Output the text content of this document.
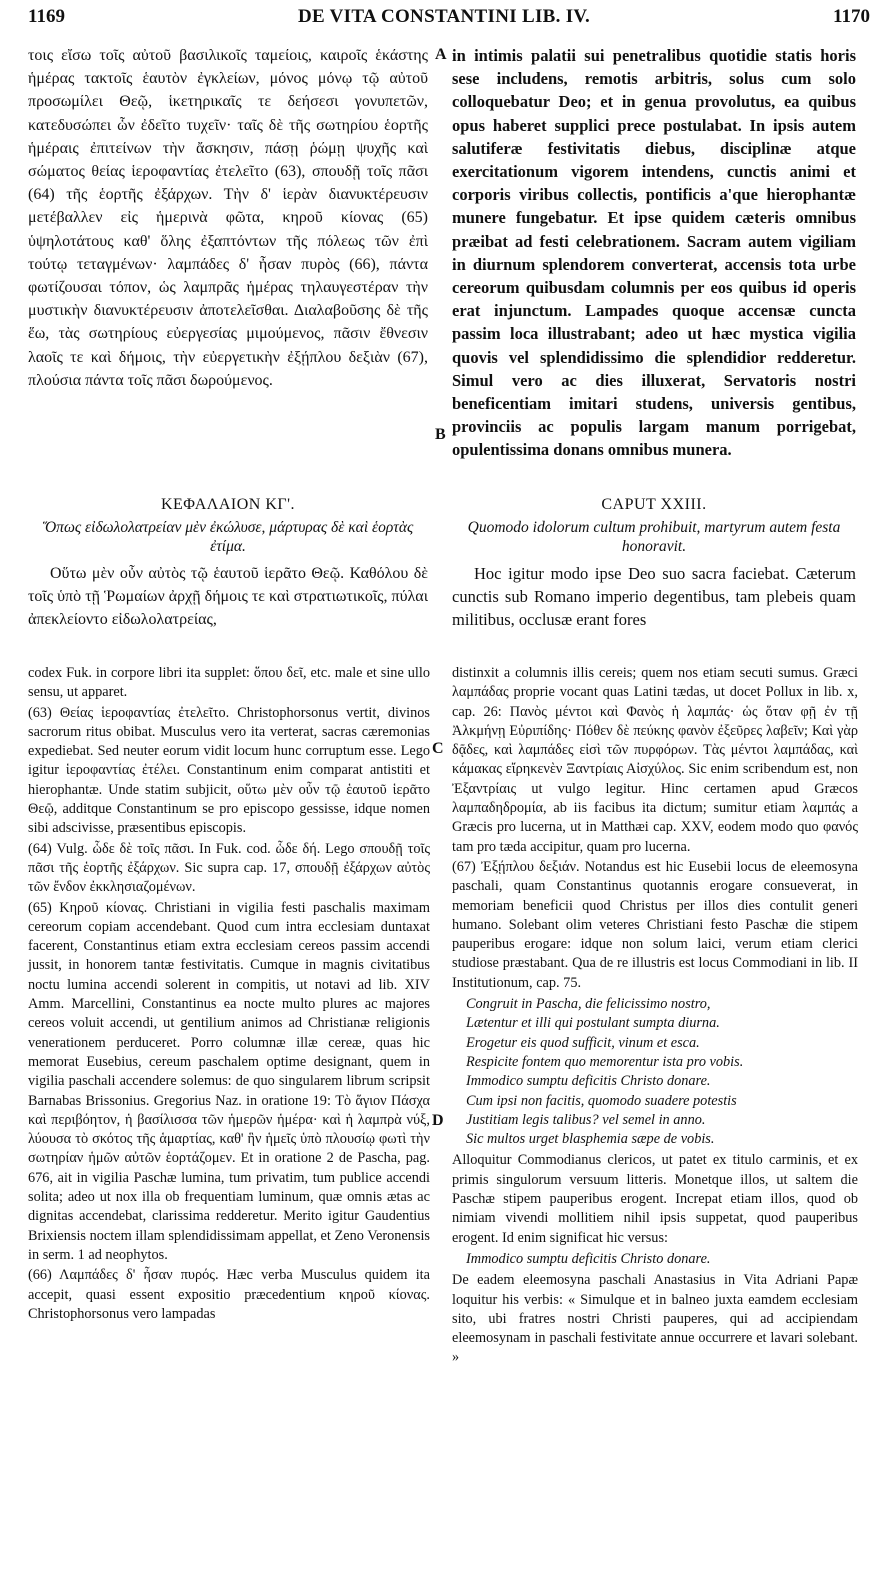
1169	DE VITA CONSTANTINI LIB. IV.	1170
A
B
C
D

τοις εἴσω τοῖς αὐτοῦ βασιλικοῖς ταμείοις, καιροῖς ἑκάστης ἡμέρας τακτοῖς ἑαυτὸν ἐγκλείων, μόνος μόνῳ τῷ αὐτοῦ προσωμίλει Θεῷ, ἱκετηρικαῖς τε δεήσεσι γονυπετῶν, κατεδυσώπει ὧν ἐδεῖτο τυχεῖν· ταῖς δὲ τῆς σωτηρίου ἑορτῆς ἡμέραις ἐπιτείνων τὴν ἄσκησιν, πάσῃ ῥώμῃ ψυχῆς καὶ σώματος θείας ἱεροφαντίας ἐτελεῖτο (63), σπουδῇ τοῖς πᾶσι (64) τῆς ἑορτῆς ἐξάρχων. Τὴν δ' ἱερὰν διανυκτέρευσιν μετέβαλλεν εἰς ἡμερινὰ φῶτα, κηροῦ κίονας (65) ὑψηλοτάτους καθ' ὅλης ἐξαπτόντων τῆς πόλεως τῶν ἐπὶ τούτῳ τεταγμένων· λαμπάδες δ' ἦσαν πυρὸς (66), πάντα φωτίζουσαι τόπον, ὡς λαμπρᾶς ἡμέρας τηλαυγεστέραν τὴν μυστικὴν διανυκτέρευσιν ἀποτελεῖσθαι. Διαλαβοῦσης δὲ τῆς ἕω, τὰς σωτηρίους εὐεργεσίας μιμούμενος, πᾶσιν ἔθνεσιν λαοῖς τε καὶ δήμοις, τὴν εὐεργετικὴν ἐξῄπλου δεξιὰν (67), πλούσια πάντα τοῖς πᾶσι δωρούμενος.

in intimis palatii sui penetralibus quotidie statis horis sese includens, remotis arbitris, solus cum solo colloquebatur Deo; et in genua provolutus, ea quibus opus haberet supplici prece postulabat. In ipsis autem salutiferæ festivitatis diebus, disciplinæ atque exercitationum vigorem intendens, cunctis animi et corporis viribus collectis, pontificis a'que hierophantæ munere fungebatur. Et ipse quidem cæteris omnibus præibat ad festi celebrationem. Sacram autem vigiliam in diurnum splendorem converterat, accensis tota urbe cereorum quibusdam columnis per eos quibus id operis erat injunctum. Lampades quoque accensæ cuncta passim loca illustrabant; adeo ut hæc mystica vigilia quovis vel splendidissimo die splendidior redderetur. Simul vero ac dies illuxerat, Servatoris nostri beneficentiam imitari studens, universis gentibus, provinciis ac populis largam manum porrigebat, opulentissima donans omnibus munera.

ΚΕΦΑΛΑΙΟΝ ΚΓ'.
Ὅπως εἰδωλολατρείαν μὲν ἐκώλυσε, μάρτυρας δὲ καὶ ἑορτὰς ἐτίμα.
Οὕτω μὲν οὖν αὐτὸς τῷ ἑαυτοῦ ἱερᾶτο Θεῷ. Καθόλου δὲ τοῖς ὑπὸ τῇ Ῥωμαίων ἀρχῇ δήμοις τε καὶ στρατιωτικοῖς, πύλαι ἀπεκλείοντο εἰδωλολατρείας,
CAPUT XXIII.
Quomodo idolorum cultum prohibuit, martyrum autem festa honoravit.
Hoc igitur modo ipse Deo suo sacra faciebat. Cæterum cunctis sub Romano imperio degentibus, tam plebeis quam militibus, occlusæ erant fores

codex Fuk. in corpore libri ita supplet: ὅπου δεῖ, etc. male et sine ullo sensu, ut apparet.

(63) Θείας ἱεροφαντίας ἐτελεῖτο. Christophorsonus vertit, divinos sacrorum ritus obibat. Musculus vero ita verterat, sacras cæremonias expediebat. Sed neuter eorum vidit locum hunc corruptum esse. Lego igitur ἱεροφαντίας ἐτέλει. Constantinum enim comparat antistiti et hierophantæ. Unde statim subjicit, οὕτω μὲν οὖν τῷ ἑαυτοῦ ἱερᾶτο Θεῷ, additque Constantinum se pro episcopo gessisse, idque nomen sibi adscivisse, præsentibus episcopis.

(64) Vulg. ὧδε δὲ τοῖς πᾶσι. In Fuk. cod. ὧδε δή. Lego σπουδῇ τοῖς πᾶσι τῆς ἑορτῆς ἐξάρχων. Sic supra cap. 17, σπουδῇ ἐξάρχων αὐτὸς τῶν ἔνδον ἐκκλησιαζομένων.

(65) Κηροῦ κίονας. Christiani in vigilia festi paschalis maximam cereorum copiam accendebant. Quod cum intra ecclesiam duntaxat facerent, Constantinus etiam extra ecclesiam cereos passim accendi jussit, in honorem tantæ festivitatis. Cumque in magnis civitatibus noctu lumina accendi solerent in compitis, ut notavi ad lib. XIV Amm. Marcellini, Constantinus ea nocte multo plures ac majores cereos voluit accendi, ut gentilium animos ad Christianæ religionis venerationem perduceret. Porro columnæ illæ cereæ, quas hic memorat Eusebius, cereum paschalem optime designant, quem in vigilia paschali accendere solemus: de quo singularem librum scripsit Barnabas Brissonius. Gregorius Naz. in oratione 19: Τὸ ἅγιον Πάσχα καὶ περιβόητον, ἡ βασίλισσα τῶν ἡμερῶν ἡμέρα· καὶ ἡ λαμπρὰ νύξ, λύουσα τὸ σκότος τῆς ἁμαρτίας, καθ' ἣν ἡμεῖς ὑπὸ πλουσίῳ φωτὶ τὴν σωτηρίαν ἡμῶν αὐτῶν ἑορτάζομεν. Et in oratione 2 de Pascha, pag. 676, ait in vigilia Paschæ lumina, tum privatim, tum publice accendi solita; adeo ut nox illa ob frequentiam luminum, quæ omnis ætas ac dignitas accendebat, clarissima redderetur. Merito igitur Gaudentius Brixiensis noctem illam splendidissimam appellat, et Zeno Veronensis in serm. 1 ad neophytos.

(66) Λαμπάδες δ' ἦσαν πυρός. Hæc verba Musculus quidem ita accepit, quasi essent expositio præcedentium κηροῦ κίονας. Christophorsonus vero lampadas

distinxit a columnis illis cereis; quem nos etiam secuti sumus. Græci λαμπάδας proprie vocant quas Latini tædas, ut docet Pollux in lib. x, cap. 26: Πανὸς μέντοι καὶ Φανὸς ἡ λαμπάς· ὡς ὅταν φῇ ἐν τῇ Ἀλκμήνῃ Εὐριπίδης· Πόθεν δὲ πεύκης φανὸν ἐξεῦρες λαβεῖν; Καὶ γὰρ δᾷδες, καὶ λαμπάδες εἰσὶ τῶν πυρφόρων. Τὰς μέντοι λαμπάδας, καὶ κάμακας εἴρηκενὲν Ξαντρίαις Αἰσχύλος. Sic enim scribendum est, non Ἐξαντρίαις ut vulgo legitur. Hinc certamen apud Græcos λαμπαδηδρομία, ab iis facibus ita dictum; sumitur etiam λαμπάς a Græcis pro lucerna, ut in Matthæi cap. XXV, eodem modo quo φανός tam pro tæda accipitur, quam pro lucerna.

(67) Ἐξῄπλου δεξιάν. Notandus est hic Eusebii locus de eleemosyna paschali, quam Constantinus quotannis erogare consueverat, in memoriam beneficii quod Christus per illos dies contulit generi humano. Solebant olim veteres Christiani festo Paschæ die stipem pauperibus erogare: idque non solum laici, verum etiam clerici studiose præstabant. Qua de re illustris est locus Commodiani in lib. II Institutionum, cap. 75.

Congruit in Pascha, die felicissimo nostro,
Lætentur et illi qui postulant sumpta diurna.
Erogetur eis quod sufficit, vinum et esca.
Respicite fontem quo memorentur ista pro vobis.
Immodico sumptu deficitis Christo donare.
Cum ipsi non facitis, quomodo suadere potestis
Justitiam legis talibus? vel semel in anno.
Sic multos urget blasphemia sæpe de vobis.

Alloquitur Commodianus clericos, ut patet ex titulo carminis, et ex primis singulorum versuum litteris. Monetque illos, ut saltem die Paschæ stipem pauperibus erogent. Increpat etiam illos, quod ob nimiam vivendi mollitiem nihil ipsis suppetat, quod pauperibus erogent. Id enim significat hic versus:

Immodico sumptu deficitis Christo donare.

De eadem eleemosyna paschali Anastasius in Vita Adriani Papæ loquitur his verbis: « Simulque et in balneo juxta eamdem ecclesiam sito, ubi fratres nostri Christi pauperes, qui ad accipiendam eleemosynam in paschali festivitate annue occurrere et lavari solebant. »
